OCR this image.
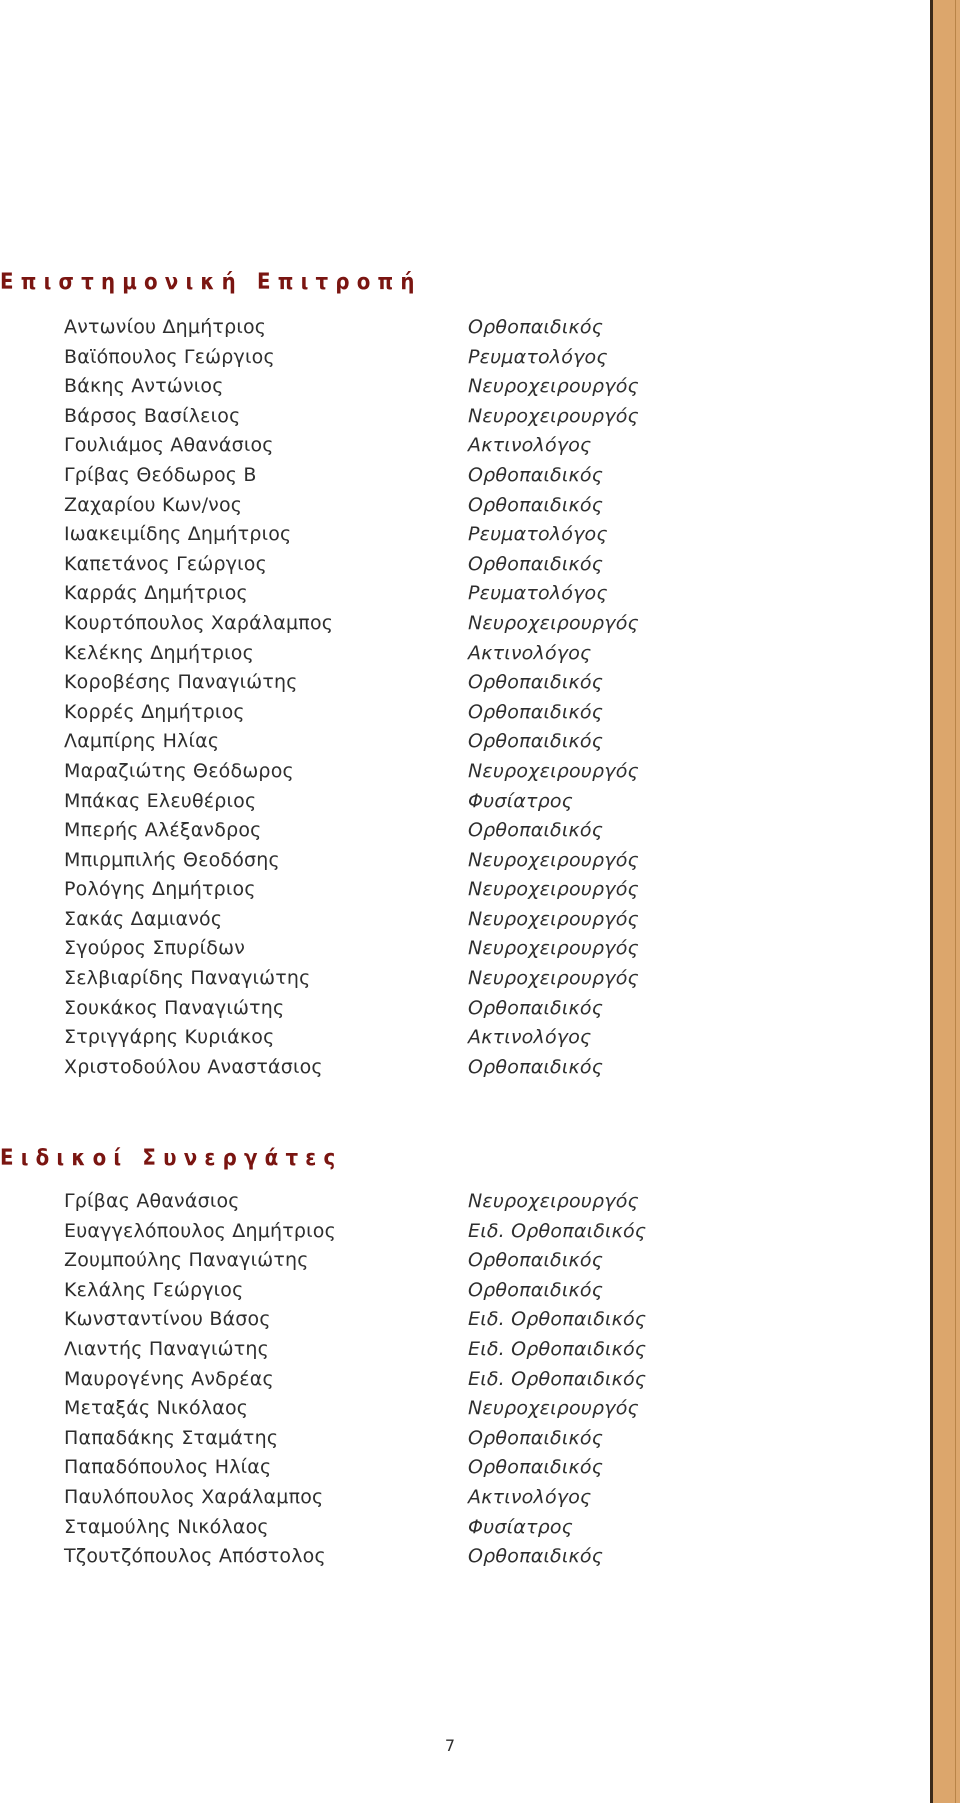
Επιστημονική Επιτροπή
Αντωνίου Δημήτριος	Ορθοπαιδικός
Βαϊόπουλος Γεώργιος	Ρευματολόγος
Βάκης Αντώνιος	Νευροχειρουργός
Βάρσος Βασίλειος	Νευροχειρουργός
Γουλιάμος Αθανάσιος	Ακτινολόγος
Γρίβας Θεόδωρος Β	Ορθοπαιδικός
Ζαχαρίου Κων/νος	Ορθοπαιδικός
Ιωακειμίδης Δημήτριος	Ρευματολόγος
Καπετάνος Γεώργιος	Ορθοπαιδικός
Καρράς Δημήτριος	Ρευματολόγος
Κουρτόπουλος Χαράλαμπος	Νευροχειρουργός
Κελέκης Δημήτριος	Ακτινολόγος
Κοροβέσης Παναγιώτης	Ορθοπαιδικός
Κορρές Δημήτριος	Ορθοπαιδικός
Λαμπίρης Ηλίας	Ορθοπαιδικός
Μαραζιώτης Θεόδωρος	Νευροχειρουργός
Μπάκας Ελευθέριος	Φυσίατρος
Μπερής Αλέξανδρος	Ορθοπαιδικός
Μπιρμπιλής Θεοδόσης	Νευροχειρουργός
Ρολόγης Δημήτριος	Νευροχειρουργός
Σακάς Δαμιανός	Νευροχειρουργός
Σγούρος Σπυρίδων	Νευροχειρουργός
Σελβιαρίδης Παναγιώτης	Νευροχειρουργός
Σουκάκος Παναγιώτης	Ορθοπαιδικός
Στριγγάρης Κυριάκος	Ακτινολόγος
Χριστοδούλου Αναστάσιος	Ορθοπαιδικός
Ειδικοί Συνεργάτες
Γρίβας Αθανάσιος	Νευροχειρουργός
Ευαγγελόπουλος Δημήτριος	Ειδ. Ορθοπαιδικός
Ζουμπούλης Παναγιώτης	Ορθοπαιδικός
Κελάλης Γεώργιος	Ορθοπαιδικός
Κωνσταντίνου Βάσος	Ειδ. Ορθοπαιδικός
Λιαντής Παναγιώτης	Ειδ. Ορθοπαιδικός
Μαυρογένης Ανδρέας	Ειδ. Ορθοπαιδικός
Μεταξάς Νικόλαος	Νευροχειρουργός
Παπαδάκης Σταμάτης	Ορθοπαιδικός
Παπαδόπουλος Ηλίας	Ορθοπαιδικός
Παυλόπουλος Χαράλαμπος	Ακτινολόγος
Σταμούλης Νικόλαος	Φυσίατρος
Τζουτζόπουλος Απόστολος	Ορθοπαιδικός
7
